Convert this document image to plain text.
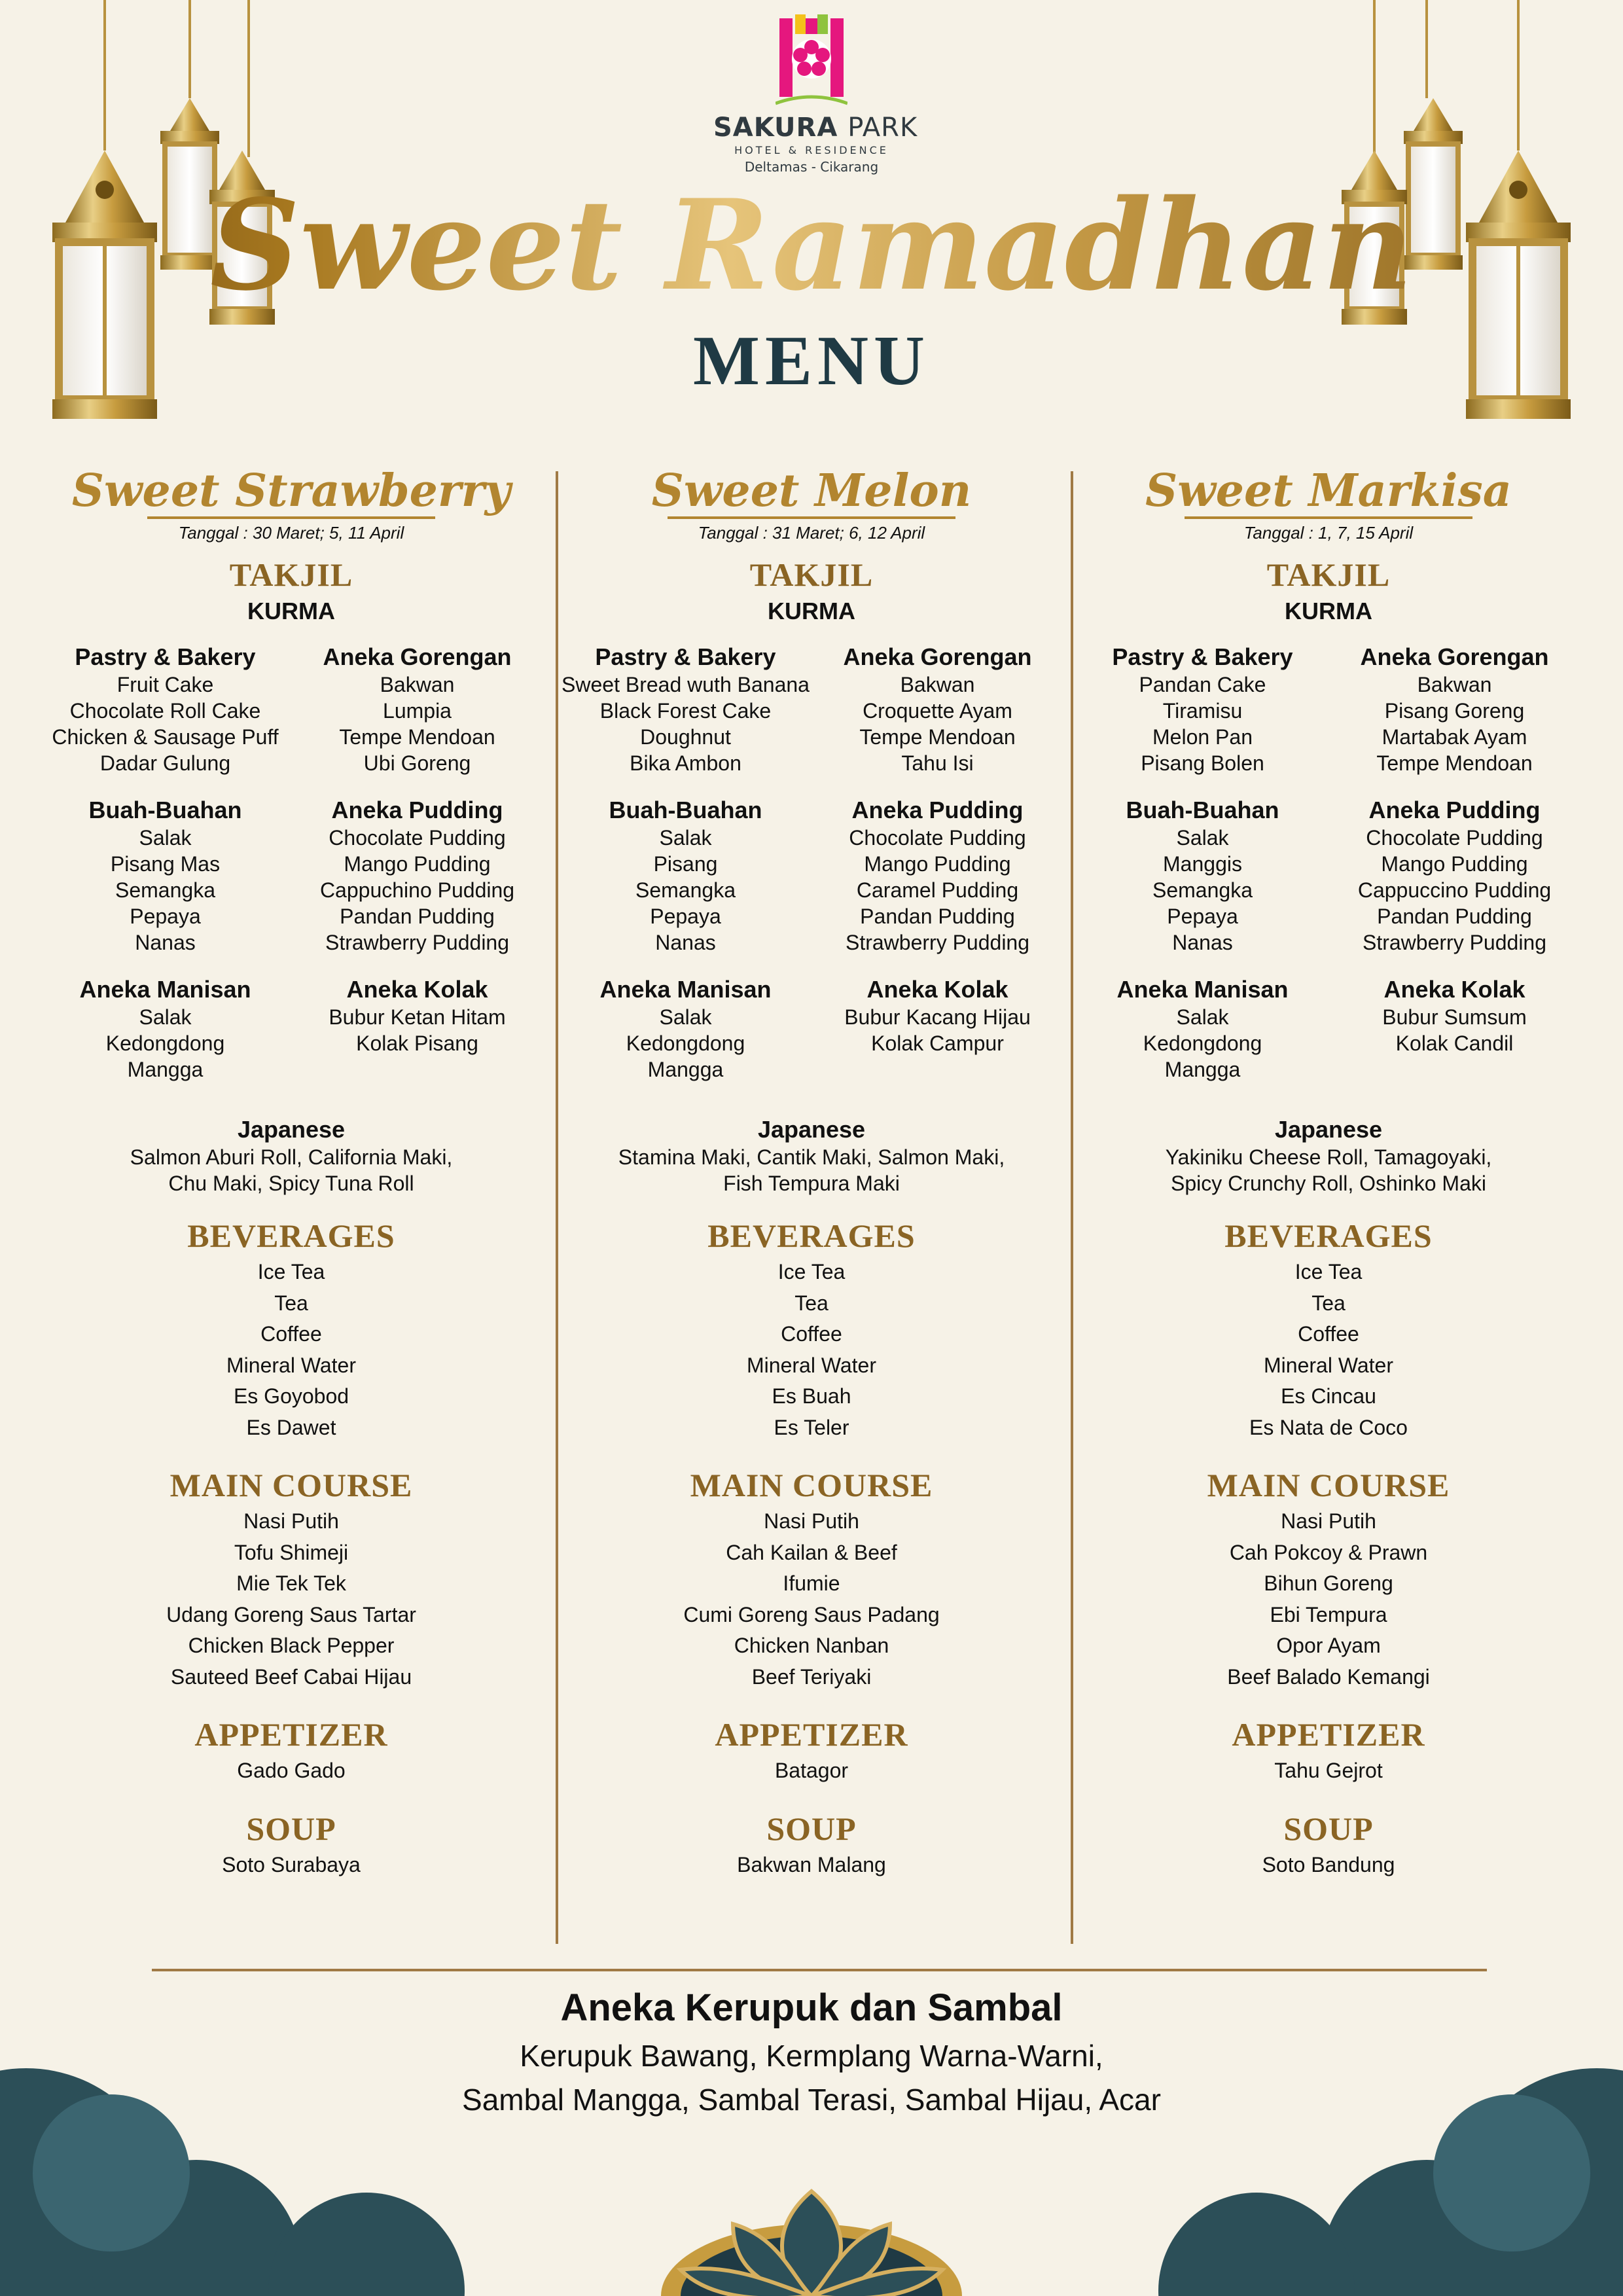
SAKURA PARK
HOTEL & RESIDENCE
Deltamas - Cikarang
Sweet Ramadhan
MENU
Sweet Strawberry
Tanggal : 30 Maret; 5, 11 April
TAKJIL
KURMA
Pastry & Bakery
Fruit Cake
Chocolate Roll Cake
Chicken & Sausage Puff
Dadar Gulung
Aneka Gorengan
Bakwan
Lumpia
Tempe Mendoan
Ubi Goreng
Buah-Buahan
Salak
Pisang Mas
Semangka
Pepaya
Nanas
Aneka Pudding
Chocolate Pudding
Mango Pudding
Cappuchino Pudding
Pandan Pudding
Strawberry Pudding
Aneka Manisan
Salak
Kedongdong
Mangga
Aneka Kolak
Bubur Ketan Hitam
Kolak Pisang
Japanese
Salmon Aburi Roll, California Maki,
Chu Maki, Spicy Tuna Roll
BEVERAGES
Ice Tea
Tea
Coffee
Mineral Water
Es Goyobod
Es Dawet
MAIN COURSE
Nasi Putih
Tofu Shimeji
Mie Tek Tek
Udang Goreng Saus Tartar
Chicken Black Pepper
Sauteed Beef Cabai Hijau
APPETIZER
Gado Gado
SOUP
Soto Surabaya
Sweet Melon
Tanggal : 31 Maret; 6, 12 April
TAKJIL
KURMA
Pastry & Bakery
Sweet Bread wuth Banana
Black Forest Cake
Doughnut
Bika Ambon
Aneka Gorengan
Bakwan
Croquette Ayam
Tempe Mendoan
Tahu Isi
Buah-Buahan
Salak
Pisang
Semangka
Pepaya
Nanas
Aneka Pudding
Chocolate Pudding
Mango Pudding
Caramel Pudding
Pandan Pudding
Strawberry Pudding
Aneka Manisan
Salak
Kedongdong
Mangga
Aneka Kolak
Bubur Kacang Hijau
Kolak Campur
Japanese
Stamina Maki, Cantik Maki, Salmon Maki,
Fish Tempura Maki
BEVERAGES
Ice Tea
Tea
Coffee
Mineral Water
Es Buah
Es Teler
MAIN COURSE
Nasi Putih
Cah Kailan & Beef
Ifumie
Cumi Goreng Saus Padang
Chicken Nanban
Beef Teriyaki
APPETIZER
Batagor
SOUP
Bakwan Malang
Sweet Markisa
Tanggal : 1, 7, 15 April
TAKJIL
KURMA
Pastry & Bakery
Pandan Cake
Tiramisu
Melon Pan
Pisang Bolen
Aneka Gorengan
Bakwan
Pisang Goreng
Martabak Ayam
Tempe Mendoan
Buah-Buahan
Salak
Manggis
Semangka
Pepaya
Nanas
Aneka Pudding
Chocolate Pudding
Mango Pudding
Cappuccino Pudding
Pandan Pudding
Strawberry Pudding
Aneka Manisan
Salak
Kedongdong
Mangga
Aneka Kolak
Bubur Sumsum
Kolak Candil
Japanese
Yakiniku Cheese Roll, Tamagoyaki,
Spicy Crunchy Roll, Oshinko Maki
BEVERAGES
Ice Tea
Tea
Coffee
Mineral Water
Es Cincau
Es Nata de Coco
MAIN COURSE
Nasi Putih
Cah Pokcoy & Prawn
Bihun Goreng
Ebi Tempura
Opor Ayam
Beef Balado Kemangi
APPETIZER
Tahu Gejrot
SOUP
Soto Bandung
Aneka Kerupuk dan Sambal
Kerupuk Bawang, Kermplang Warna-Warni,
Sambal Mangga, Sambal Terasi, Sambal Hijau, Acar
